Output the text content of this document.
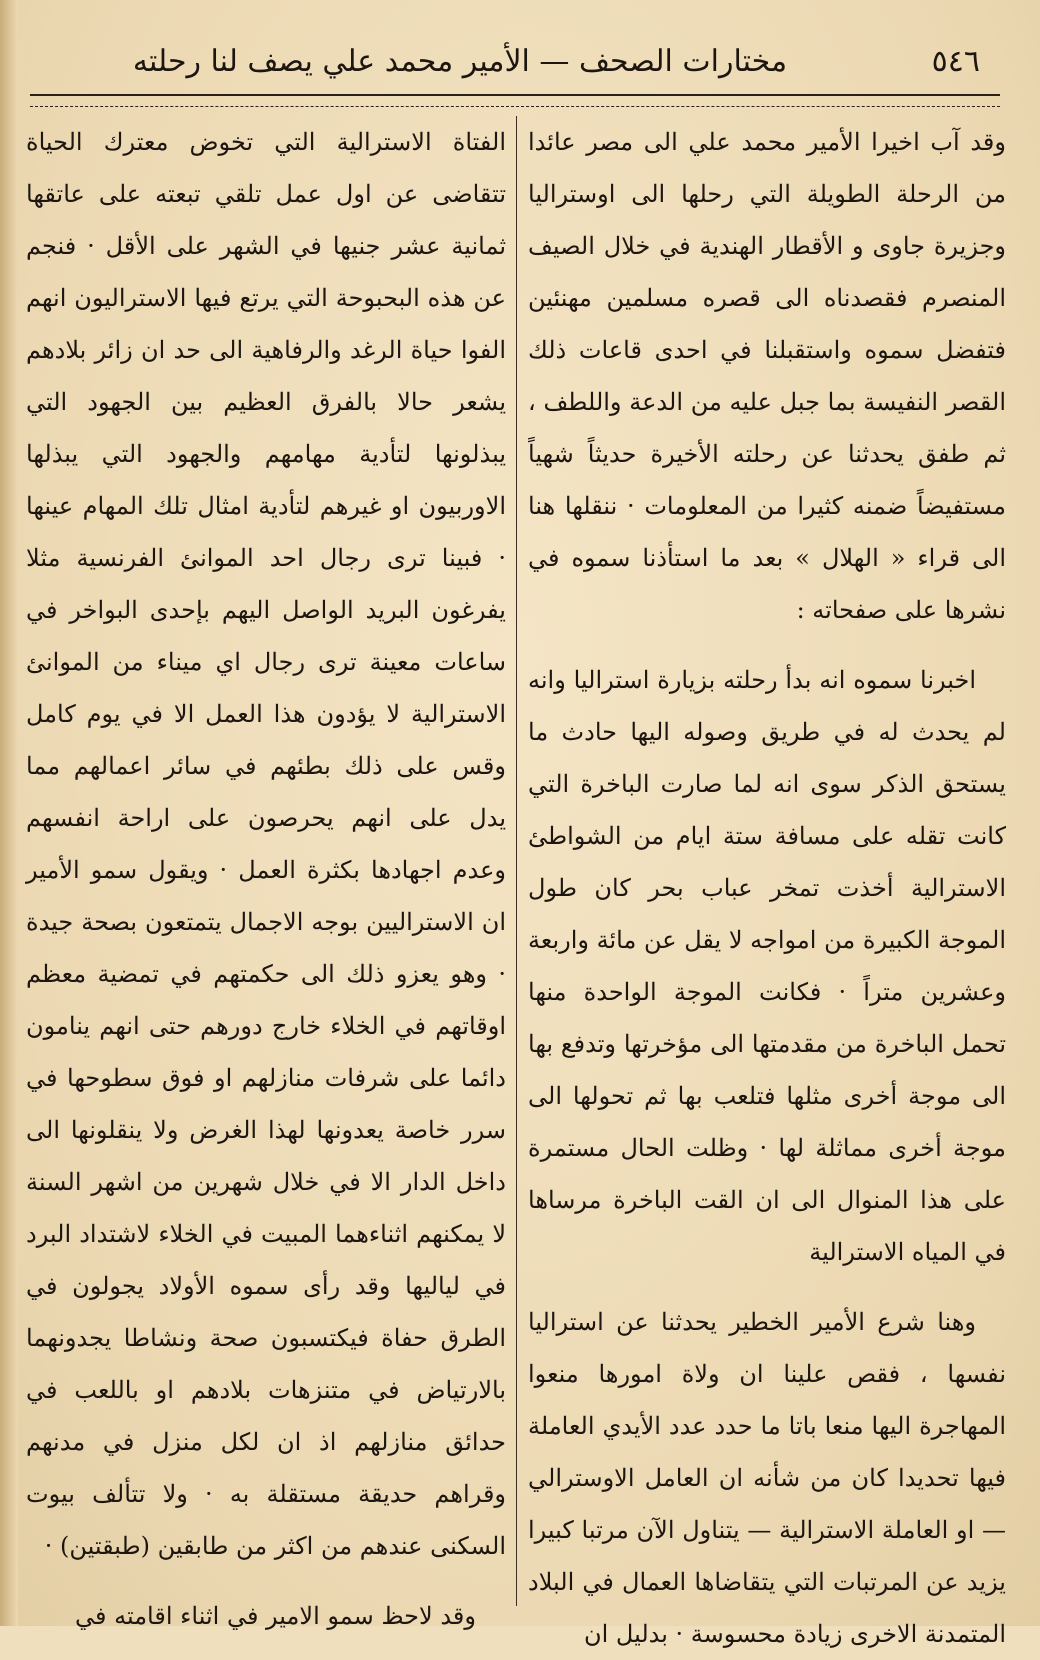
٥٤٦
مختارات الصحف — الأمير محمد علي يصف لنا رحلته

وقد آب اخيرا الأمير محمد علي الى مصر عائدا من الرحلة الطويلة التي رحلها الى اوستراليا وجزيرة جاوى و الأقطار الهندية في خلال الصيف المنصرم فقصدناه الى قصره مسلمين مهنئين فتفضل سموه واستقبلنا في احدى قاعات ذلك القصر النفيسة بما جبل عليه من الدعة واللطف ، ثم طفق يحدثنا عن رحلته الأخيرة حديثاً شهياً مستفيضاً ضمنه كثيرا من المعلومات · ننقلها هنا الى قراء « الهلال » بعد ما استأذنا سموه في نشرها على صفحاته :

اخبرنا سموه انه بدأ رحلته بزيارة استراليا وانه لم يحدث له في طريق وصوله اليها حادث ما يستحق الذكر سوى انه لما صارت الباخرة التي كانت تقله على مسافة ستة ايام من الشواطئ الاسترالية أخذت تمخر عباب بحر كان طول الموجة الكبيرة من امواجه لا يقل عن مائة واربعة وعشرين متراً · فكانت الموجة الواحدة منها تحمل الباخرة من مقدمتها الى مؤخرتها وتدفع بها الى موجة أخرى مثلها فتلعب بها ثم تحولها الى موجة أخرى مماثلة لها · وظلت الحال مستمرة على هذا المنوال الى ان القت الباخرة مرساها في المياه الاسترالية

وهنا شرع الأمير الخطير يحدثنا عن استراليا نفسها ، فقص علينا ان ولاة امورها منعوا المهاجرة اليها منعا باتا ما حدد عدد الأيدي العاملة فيها تحديدا كان من شأنه ان العامل الاوسترالي — او العاملة الاسترالية — يتناول الآن مرتبا كبيرا يزيد عن المرتبات التي يتقاضاها العمال في البلاد المتمدنة الاخرى زيادة محسوسة · بدليل ان

الفتاة الاسترالية التي تخوض معترك الحياة تتقاضى عن اول عمل تلقي تبعته على عاتقها ثمانية عشر جنيها في الشهر على الأقل · فنجم عن هذه البحبوحة التي يرتع فيها الاستراليون انهم الفوا حياة الرغد والرفاهية الى حد ان زائر بلادهم يشعر حالا بالفرق العظيم بين الجهود التي يبذلونها لتأدية مهامهم والجهود التي يبذلها الاوربيون او غيرهم لتأدية امثال تلك المهام عينها · فبينا ترى رجال احد الموانئ الفرنسية مثلا يفرغون البريد الواصل اليهم بإحدى البواخر في ساعات معينة ترى رجال اي ميناء من الموانئ الاسترالية لا يؤدون هذا العمل الا في يوم كامل وقس على ذلك بطئهم في سائر اعمالهم مما يدل على انهم يحرصون على اراحة انفسهم وعدم اجهادها بكثرة العمل · ويقول سمو الأمير ان الاستراليين بوجه الاجمال يتمتعون بصحة جيدة · وهو يعزو ذلك الى حكمتهم في تمضية معظم اوقاتهم في الخلاء خارج دورهم حتى انهم ينامون دائما على شرفات منازلهم او فوق سطوحها في سرر خاصة يعدونها لهذا الغرض ولا ينقلونها الى داخل الدار الا في خلال شهرين من اشهر السنة لا يمكنهم اثناءهما المبيت في الخلاء لاشتداد البرد في لياليها وقد رأى سموه الأولاد يجولون في الطرق حفاة فيكتسبون صحة ونشاطا يجدونهما بالارتياض في متنزهات بلادهم او باللعب في حدائق منازلهم اذ ان لكل منزل في مدنهم وقراهم حديقة مستقلة به · ولا تتألف بيوت السكنى عندهم من اكثر من طابقين (طبقتين) ·

وقد لاحظ سمو الامير في اثناء اقامته في
